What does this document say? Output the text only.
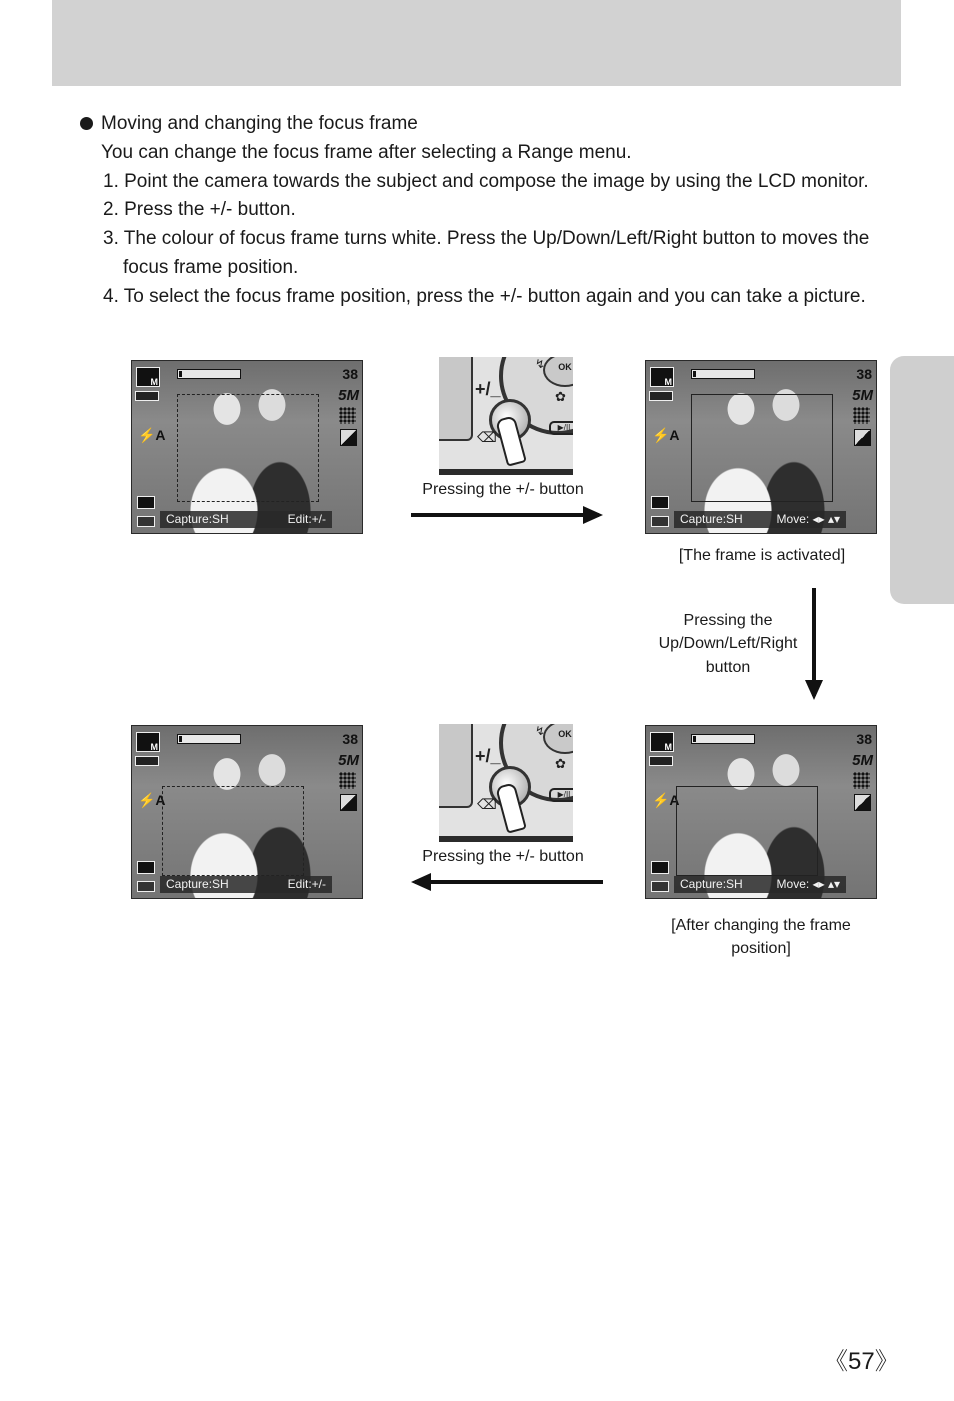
Moving and changing the focus frame
You can change the focus frame after selecting a Range menu.
1. Point the camera towards the subject and compose the image by using the LCD monitor.
2. Press the +/- button.
3. The colour of focus frame turns white. Press the Up/Down/Left/Right button to moves the
focus frame position.
4. To select the focus frame position, press the +/- button again and you can take a picture.
M
⚡A
38
5M
Capture:SH	Edit:+/-
OK
↯
✿
+/_
⌫
▶/II
Pressing the +/- button
M
⚡A
38
5M
Capture:SH	Move: ◂▸ ▴▾
[The frame is activated]
Pressing the
Up/Down/Left/Right
button
M
⚡A
38
5M
Capture:SH	Edit:+/-
OK
↯
✿
+/_
⌫
▶/II
Pressing the +/- button
M
⚡A
38
5M
Capture:SH	Move: ◂▸ ▴▾
[After changing the frame
position]
《57》
